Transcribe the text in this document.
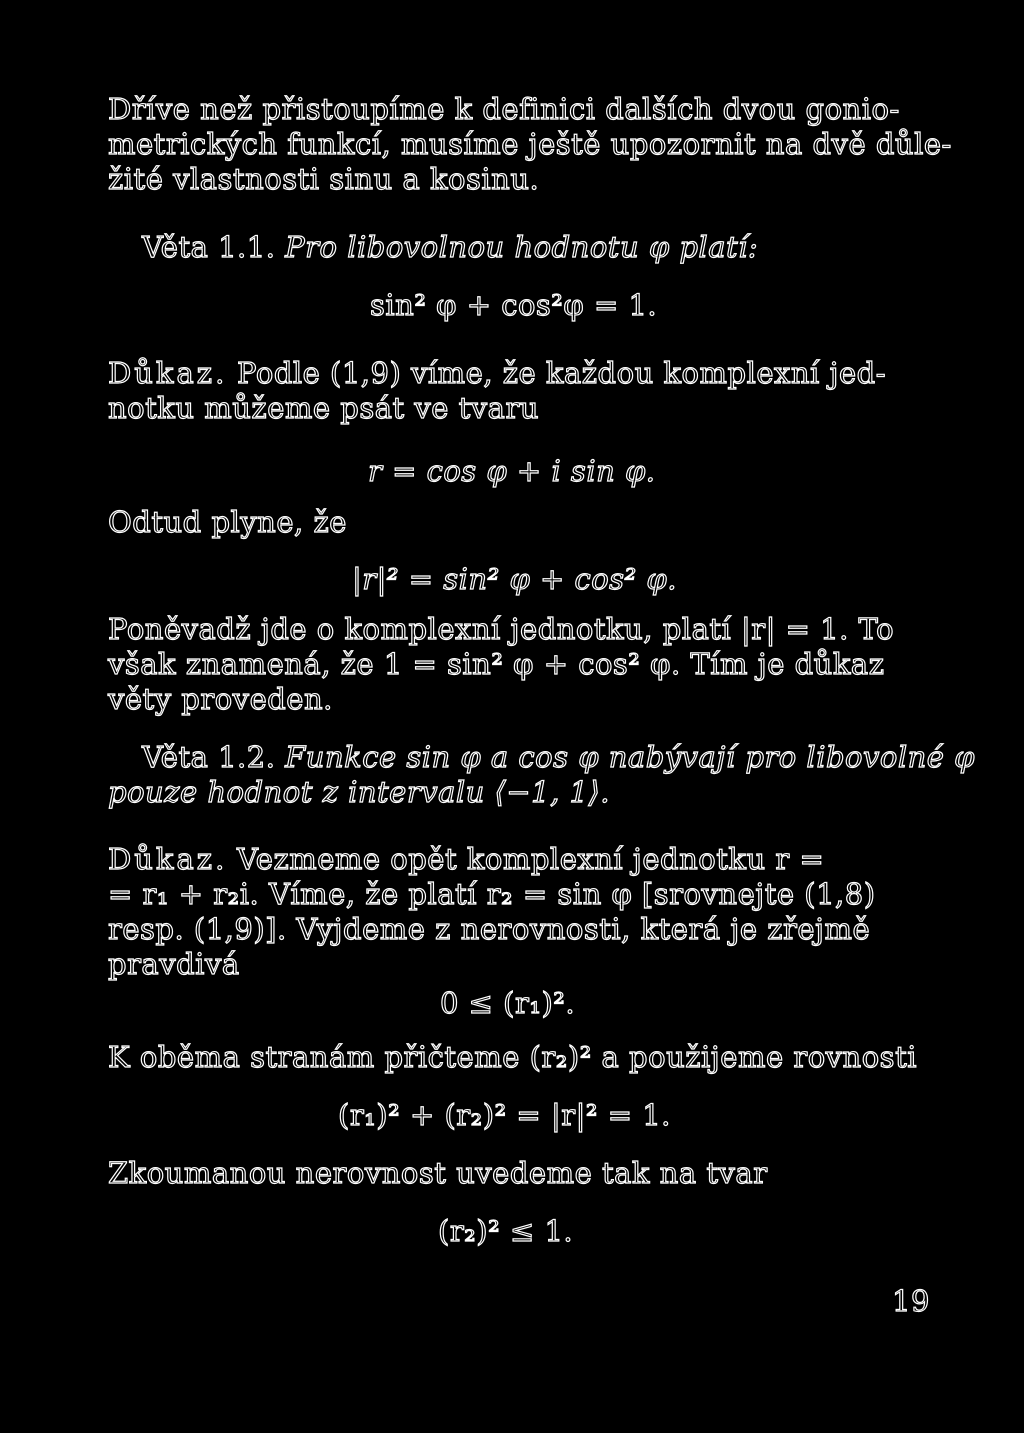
Dříve než přistoupíme k definici dalších dvou gonio-
metrických funkcí, musíme ještě upozornit na dvě důle-
žité vlastnosti sinu a kosinu.
Věta 1.1. Pro libovolnou hodnotu φ platí:
sin² φ + cos²φ = 1.
Důkaz. Podle (1,9) víme, že každou komplexní jed-
notku můžeme psát ve tvaru
r = cos φ + i sin φ.
Odtud plyne, že
|r|² = sin² φ + cos² φ.
Poněvadž jde o komplexní jednotku, platí |r| = 1. To
však znamená, že 1 = sin² φ + cos² φ. Tím je důkaz
věty proveden.
Věta 1.2. Funkce sin φ a cos φ nabývají pro libovolné φ
pouze hodnot z intervalu ⟨−1, 1⟩.
Důkaz. Vezmeme opět komplexní jednotku r =
= r₁ + r₂i. Víme, že platí r₂ = sin φ [srovnejte (1,8)
resp. (1,9)]. Vyjdeme z nerovnosti, která je zřejmě
pravdivá
0 ≤ (r₁)².
K oběma stranám přičteme (r₂)² a použijeme rovnosti
(r₁)² + (r₂)² = |r|² = 1.
Zkoumanou nerovnost uvedeme tak na tvar
(r₂)² ≤ 1.
19
